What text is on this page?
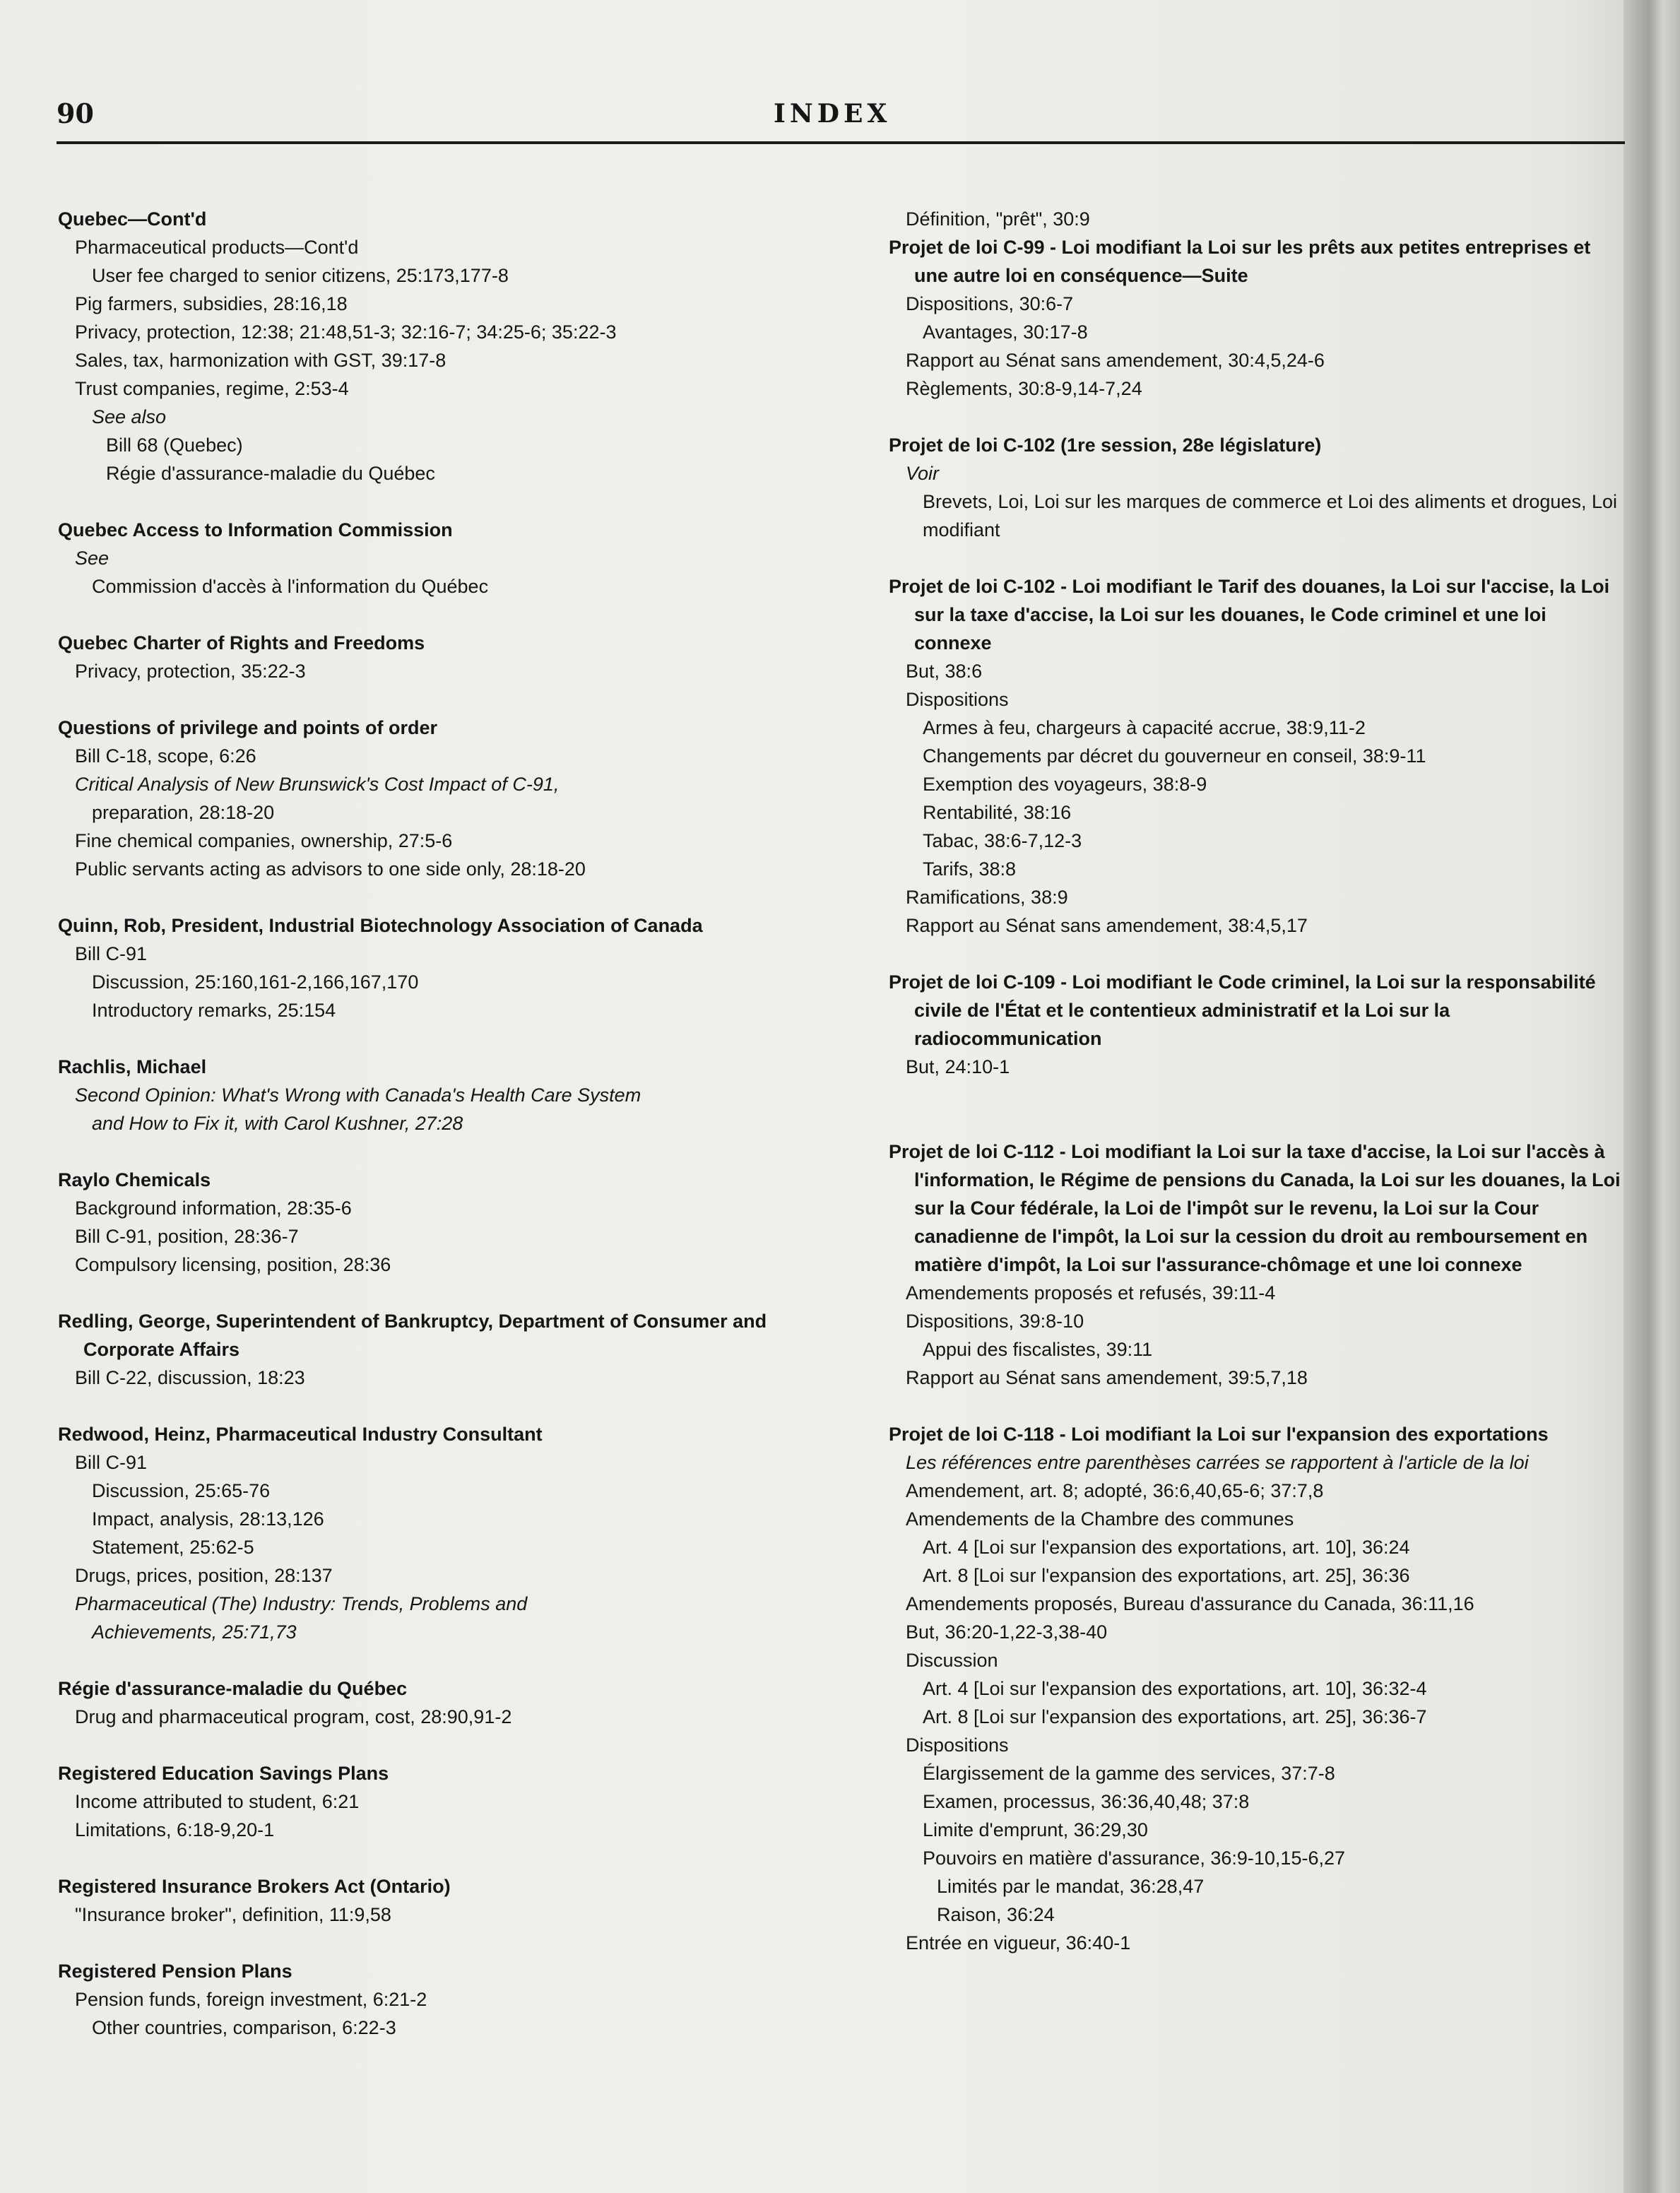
90	INDEX
Quebec—Cont'd
Pharmaceutical products—Cont'd
User fee charged to senior citizens, 25:173,177-8
Pig farmers, subsidies, 28:16,18
Privacy, protection, 12:38; 21:48,51-3; 32:16-7; 34:25-6; 35:22-3
Sales, tax, harmonization with GST, 39:17-8
Trust companies, regime, 2:53-4
See also
Bill 68 (Quebec)
Régie d'assurance-maladie du Québec
Quebec Access to Information Commission
See
Commission d'accès à l'information du Québec
Quebec Charter of Rights and Freedoms
Privacy, protection, 35:22-3
Questions of privilege and points of order
Bill C-18, scope, 6:26
Critical Analysis of New Brunswick's Cost Impact of C-91,
preparation, 28:18-20
Fine chemical companies, ownership, 27:5-6
Public servants acting as advisors to one side only, 28:18-20
Quinn, Rob, President, Industrial Biotechnology Association of Canada
Bill C-91
Discussion, 25:160,161-2,166,167,170
Introductory remarks, 25:154
Rachlis, Michael
Second Opinion: What's Wrong with Canada's Health Care System
and How to Fix it, with Carol Kushner, 27:28
Raylo Chemicals
Background information, 28:35-6
Bill C-91, position, 28:36-7
Compulsory licensing, position, 28:36
Redling, George, Superintendent of Bankruptcy, Department of Consumer and Corporate Affairs
Bill C-22, discussion, 18:23
Redwood, Heinz, Pharmaceutical Industry Consultant
Bill C-91
Discussion, 25:65-76
Impact, analysis, 28:13,126
Statement, 25:62-5
Drugs, prices, position, 28:137
Pharmaceutical (The) Industry: Trends, Problems and
Achievements, 25:71,73
Régie d'assurance-maladie du Québec
Drug and pharmaceutical program, cost, 28:90,91-2
Registered Education Savings Plans
Income attributed to student, 6:21
Limitations, 6:18-9,20-1
Registered Insurance Brokers Act (Ontario)
"Insurance broker", definition, 11:9,58
Registered Pension Plans
Pension funds, foreign investment, 6:21-2
Other countries, comparison, 6:22-3
Définition, "prêt", 30:9
Projet de loi C-99 - Loi modifiant la Loi sur les prêts aux petites entreprises et une autre loi en conséquence—Suite
Dispositions, 30:6-7
Avantages, 30:17-8
Rapport au Sénat sans amendement, 30:4,5,24-6
Règlements, 30:8-9,14-7,24
Projet de loi C-102 (1re session, 28e législature)
Voir
Brevets, Loi, Loi sur les marques de commerce et Loi des aliments et drogues, Loi modifiant
Projet de loi C-102 - Loi modifiant le Tarif des douanes, la Loi sur l'accise, la Loi sur la taxe d'accise, la Loi sur les douanes, le Code criminel et une loi connexe
But, 38:6
Dispositions
Armes à feu, chargeurs à capacité accrue, 38:9,11-2
Changements par décret du gouverneur en conseil, 38:9-11
Exemption des voyageurs, 38:8-9
Rentabilité, 38:16
Tabac, 38:6-7,12-3
Tarifs, 38:8
Ramifications, 38:9
Rapport au Sénat sans amendement, 38:4,5,17
Projet de loi C-109 - Loi modifiant le Code criminel, la Loi sur la responsabilité civile de l'État et le contentieux administratif et la Loi sur la radiocommunication
But, 24:10-1
Projet de loi C-112 - Loi modifiant la Loi sur la taxe d'accise, la Loi sur l'accès à l'information, le Régime de pensions du Canada, la Loi sur les douanes, la Loi sur la Cour fédérale, la Loi de l'impôt sur le revenu, la Loi sur la Cour canadienne de l'impôt, la Loi sur la cession du droit au remboursement en matière d'impôt, la Loi sur l'assurance-chômage et une loi connexe
Amendements proposés et refusés, 39:11-4
Dispositions, 39:8-10
Appui des fiscalistes, 39:11
Rapport au Sénat sans amendement, 39:5,7,18
Projet de loi C-118 - Loi modifiant la Loi sur l'expansion des exportations
Les références entre parenthèses carrées se rapportent à l'article de la loi
Amendement, art. 8; adopté, 36:6,40,65-6; 37:7,8
Amendements de la Chambre des communes
Art. 4 [Loi sur l'expansion des exportations, art. 10], 36:24
Art. 8 [Loi sur l'expansion des exportations, art. 25], 36:36
Amendements proposés, Bureau d'assurance du Canada, 36:11,16
But, 36:20-1,22-3,38-40
Discussion
Art. 4 [Loi sur l'expansion des exportations, art. 10], 36:32-4
Art. 8 [Loi sur l'expansion des exportations, art. 25], 36:36-7
Dispositions
Élargissement de la gamme des services, 37:7-8
Examen, processus, 36:36,40,48; 37:8
Limite d'emprunt, 36:29,30
Pouvoirs en matière d'assurance, 36:9-10,15-6,27
Limités par le mandat, 36:28,47
Raison, 36:24
Entrée en vigueur, 36:40-1
